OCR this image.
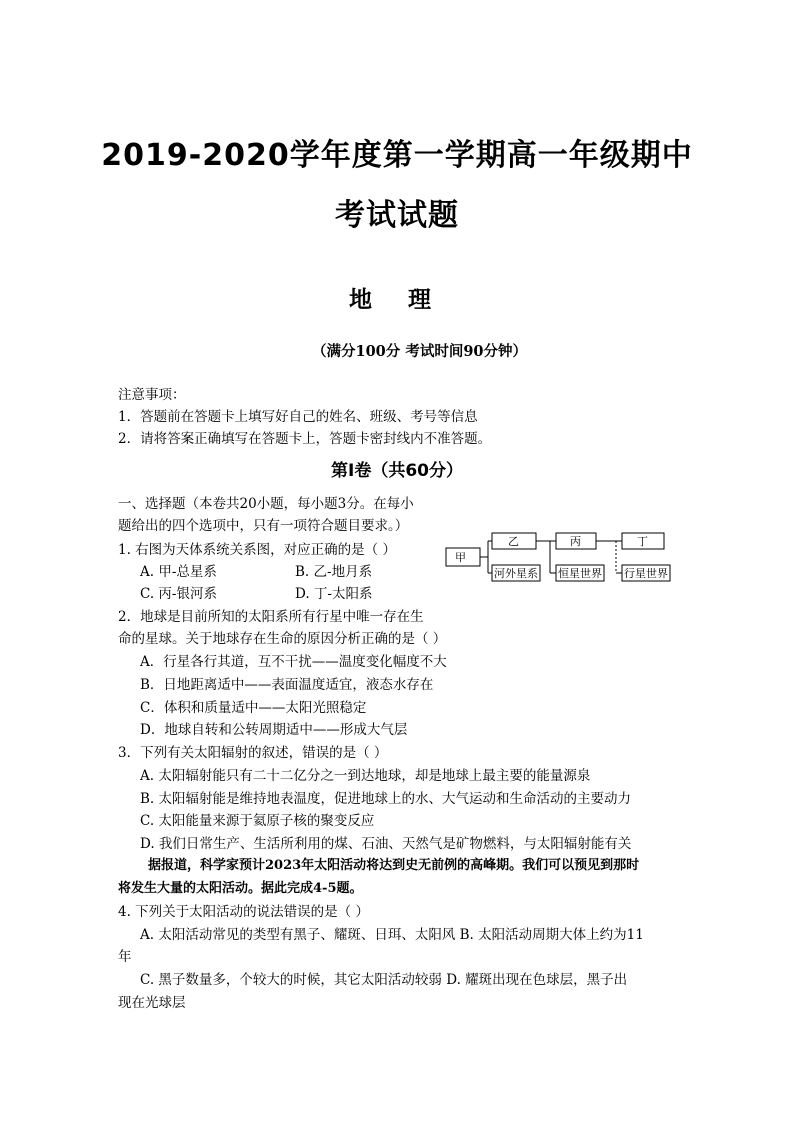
2019-2020学年度第一学期高一年级期中
考试试题
地 理
（满分100分 考试时间90分钟）
注意事项：
1．答题前在答题卡上填写好自己的姓名、班级、考号等信息
2．请将答案正确填写在答题卡上，答题卡密封线内不准答题。
第Ⅰ卷（共60分）
一、选择题（本卷共20小题，每小题3分。在每小
题给出的四个选项中，只有一项符合题目要求。）
甲
乙	丙	丁
河外星系 恒星世界 行星世界
1. 右图为天体系统关系图，对应正确的是（ ）
A. 甲-总星系	B. 乙-地月系
C. 丙-银河系	D. 丁-太阳系
2．地球是目前所知的太阳系所有行星中唯一存在生
命的星球。关于地球存在生命的原因分析正确的是（ ）
A．行星各行其道，互不干扰——温度变化幅度不大
B．日地距离适中——表面温度适宜，液态水存在
C．体积和质量适中——太阳光照稳定
D．地球自转和公转周期适中——形成大气层
3．下列有关太阳辐射的叙述，错误的是（ ）
A. 太阳辐射能只有二十二亿分之一到达地球，却是地球上最主要的能量源泉
B. 太阳辐射能是维持地表温度，促进地球上的水、大气运动和生命活动的主要动力
C. 太阳能量来源于氦原子核的聚变反应
D. 我们日常生产、生活所利用的煤、石油、天然气是矿物燃料，与太阳辐射能有关
据报道，科学家预计2023年太阳活动将达到史无前例的高峰期。我们可以预见到那时
将发生大量的太阳活动。据此完成4-5题。
4. 下列关于太阳活动的说法错误的是（ ）
A. 太阳活动常见的类型有黑子、耀斑、日珥、太阳风 B. 太阳活动周期大体上约为11
年
C. 黑子数量多，个较大的时候，其它太阳活动较弱 D. 耀斑出现在色球层，黑子出
现在光球层
